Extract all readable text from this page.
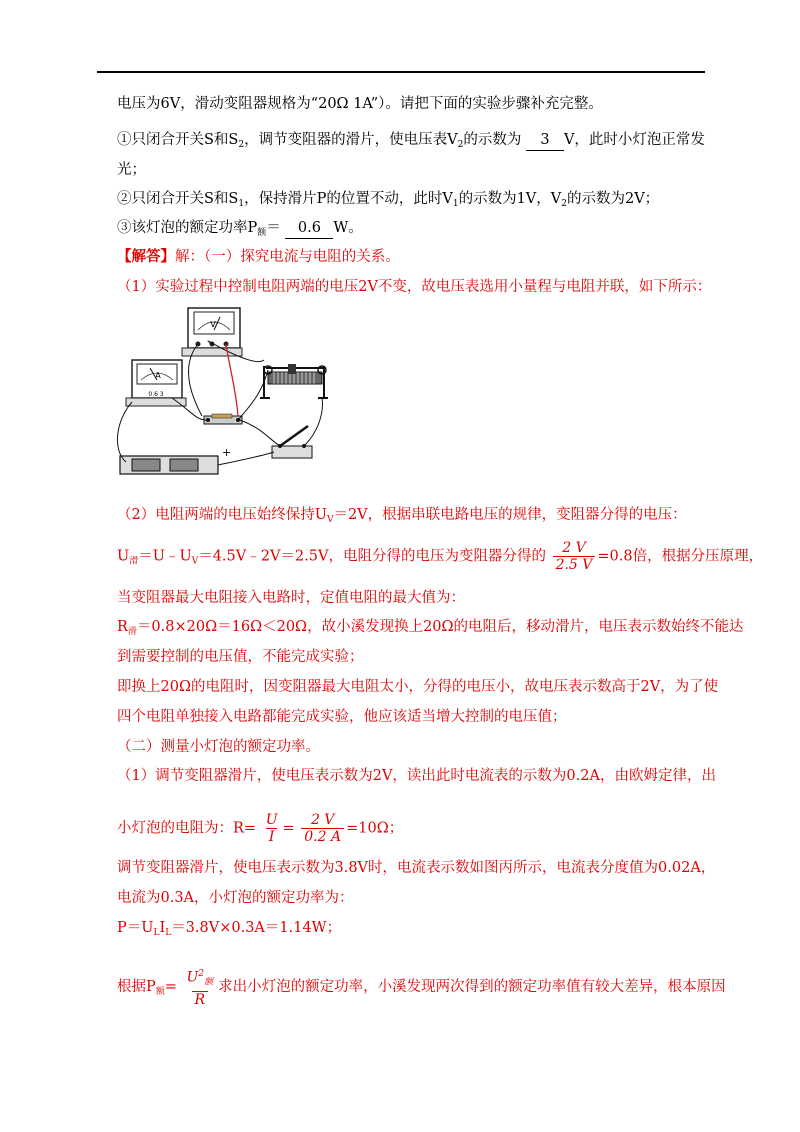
电压为6V，滑动变阻器规格为“20Ω 1A”）。请把下面的实验步骤补充完整。
①只闭合开关S和$S_2$，调节变阻器的滑片，使电压表$V_2$的示数为 3 V，此时小灯泡正常发
光；
②只闭合开关S和$S_1$，保持滑片P的位置不动，此时$V_1$的示数为1V，$V_2$的示数为2V；
③该灯泡的额定功率$P_额= 0.6$ W。
【解答】解：（一）探究电流与电阻的关系。
（1）实验过程中控制电阻两端的电压2V不变，故电压表选用小量程与电阻并联，如下所示：
V
A
0.6 3
+
（2）电阻两端的电压始终保持$U_V=2V$，根据串联电路电压的规律，变阻器分得的电压：
$U_滑=U﹣U_V=4.5V﹣2V=2.5V$，电阻分得的电压为变阻器分得的 $\frac{2 V}{2.5 V} =0.8$倍，根据分压原理，
当变阻器最大电阻接入电路时，定值电阻的最大值为：
$R_滑=0.8\times 20\Omega=16\Omega<20\Omega$，故小溪发现换上20Ω的电阻后，移动滑片，电压表示数始终不能达
到需要控制的电压值，不能完成实验；
即换上20Ω的电阻时，因变阻器最大电阻太小，分得的电压小，故电压表示数高于2V，为了使
四个电阻单独接入电路都能完成实验，他应该适当增大控制的电压值；
（二）测量小灯泡的额定功率。
（1）调节变阻器滑片，使电压表示数为2V，读出此时电流表的示数为0.2A，由欧姆定律，出
小灯泡的电阻为：$R= \frac{U}{I} = \frac{2 V}{0.2 A} =10\Omega$；
调节变阻器滑片，使电压表示数为3.8V时，电流表示数如图丙所示，电流表分度值为0.02A，
电流为0.3A，小灯泡的额定功率为：
$P=U_LI_L=3.8V\times 0.3A=1.14W$；
根据$P_额= \frac{U^2_额}{R}$ 求出小灯泡的额定功率，小溪发现两次得到的额定功率值有较大差异，根本原因
